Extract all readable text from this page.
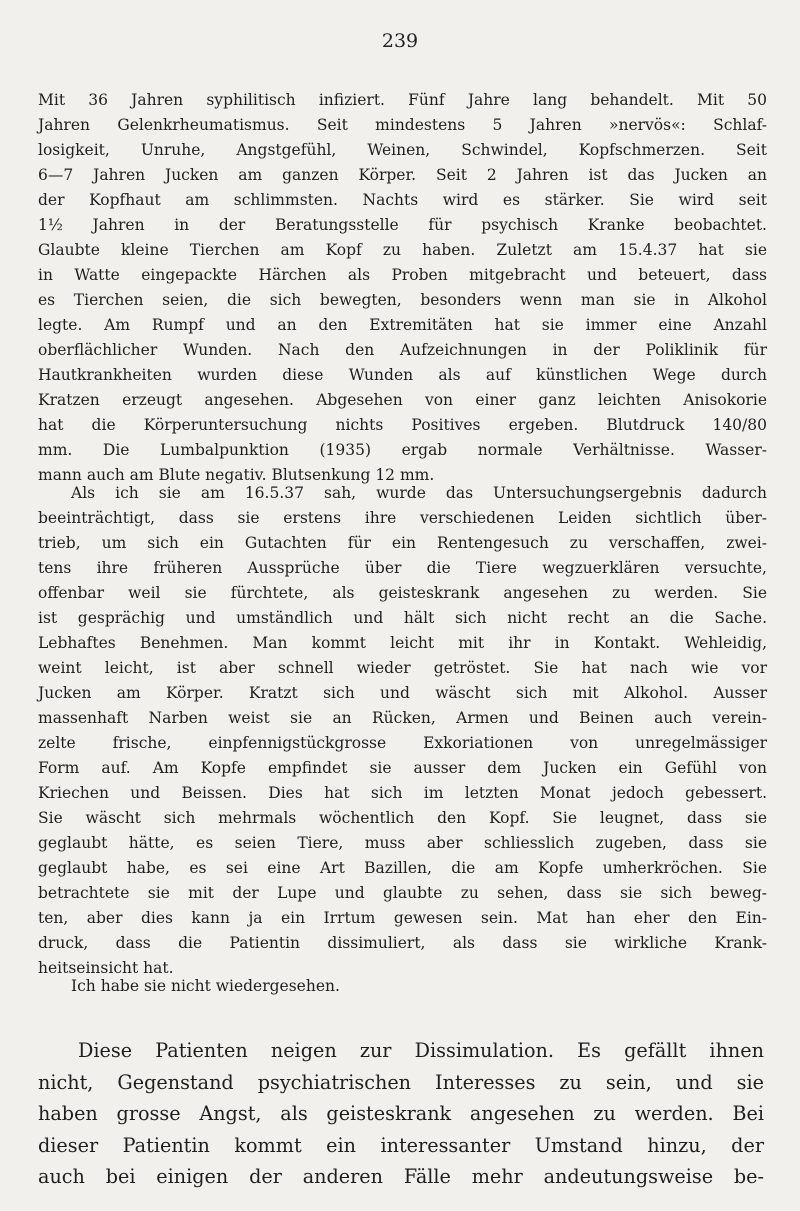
239
Mit 36 Jahren syphilitisch infiziert. Fünf Jahre lang behandelt. Mit 50
Jahren Gelenkrheumatismus. Seit mindestens 5 Jahren »nervös«: Schlaf-
losigkeit, Unruhe, Angstgefühl, Weinen, Schwindel, Kopfschmerzen. Seit
6—7 Jahren Jucken am ganzen Körper. Seit 2 Jahren ist das Jucken an
der Kopfhaut am schlimmsten. Nachts wird es stärker. Sie wird seit
1½ Jahren in der Beratungsstelle für psychisch Kranke beobachtet.
Glaubte kleine Tierchen am Kopf zu haben. Zuletzt am 15.4.37 hat sie
in Watte eingepackte Härchen als Proben mitgebracht und beteuert, dass
es Tierchen seien, die sich bewegten, besonders wenn man sie in Alkohol
legte. Am Rumpf und an den Extremitäten hat sie immer eine Anzahl
oberflächlicher Wunden. Nach den Aufzeichnungen in der Poliklinik für
Hautkrankheiten wurden diese Wunden als auf künstlichen Wege durch
Kratzen erzeugt angesehen. Abgesehen von einer ganz leichten Anisokorie
hat die Körperuntersuchung nichts Positives ergeben. Blutdruck 140/80
mm. Die Lumbalpunktion (1935) ergab normale Verhältnisse. Wasser-
mann auch am Blute negativ. Blutsenkung 12 mm.
Als ich sie am 16.5.37 sah, wurde das Untersuchungsergebnis dadurch
beeinträchtigt, dass sie erstens ihre verschiedenen Leiden sichtlich über-
trieb, um sich ein Gutachten für ein Rentengesuch zu verschaffen, zwei-
tens ihre früheren Aussprüche über die Tiere wegzuerklären versuchte,
offenbar weil sie fürchtete, als geisteskrank angesehen zu werden. Sie
ist gesprächig und umständlich und hält sich nicht recht an die Sache.
Lebhaftes Benehmen. Man kommt leicht mit ihr in Kontakt. Wehleidig,
weint leicht, ist aber schnell wieder getröstet. Sie hat nach wie vor
Jucken am Körper. Kratzt sich und wäscht sich mit Alkohol. Ausser
massenhaft Narben weist sie an Rücken, Armen und Beinen auch verein-
zelte frische, einpfennigstückgrosse Exkoriationen von unregelmässiger
Form auf. Am Kopfe empfindet sie ausser dem Jucken ein Gefühl von
Kriechen und Beissen. Dies hat sich im letzten Monat jedoch gebessert.
Sie wäscht sich mehrmals wöchentlich den Kopf. Sie leugnet, dass sie
geglaubt hätte, es seien Tiere, muss aber schliesslich zugeben, dass sie
geglaubt habe, es sei eine Art Bazillen, die am Kopfe umherkröchen. Sie
betrachtete sie mit der Lupe und glaubte zu sehen, dass sie sich beweg-
ten, aber dies kann ja ein Irrtum gewesen sein. Mat han eher den Ein-
druck, dass die Patientin dissimuliert, als dass sie wirkliche Krank-
heitseinsicht hat.
Ich habe sie nicht wiedergesehen.
Diese Patienten neigen zur Dissimulation. Es gefällt ihnen
nicht, Gegenstand psychiatrischen Interesses zu sein, und sie
haben grosse Angst, als geisteskrank angesehen zu werden. Bei
dieser Patientin kommt ein interessanter Umstand hinzu, der
auch bei einigen der anderen Fälle mehr andeutungsweise be-
